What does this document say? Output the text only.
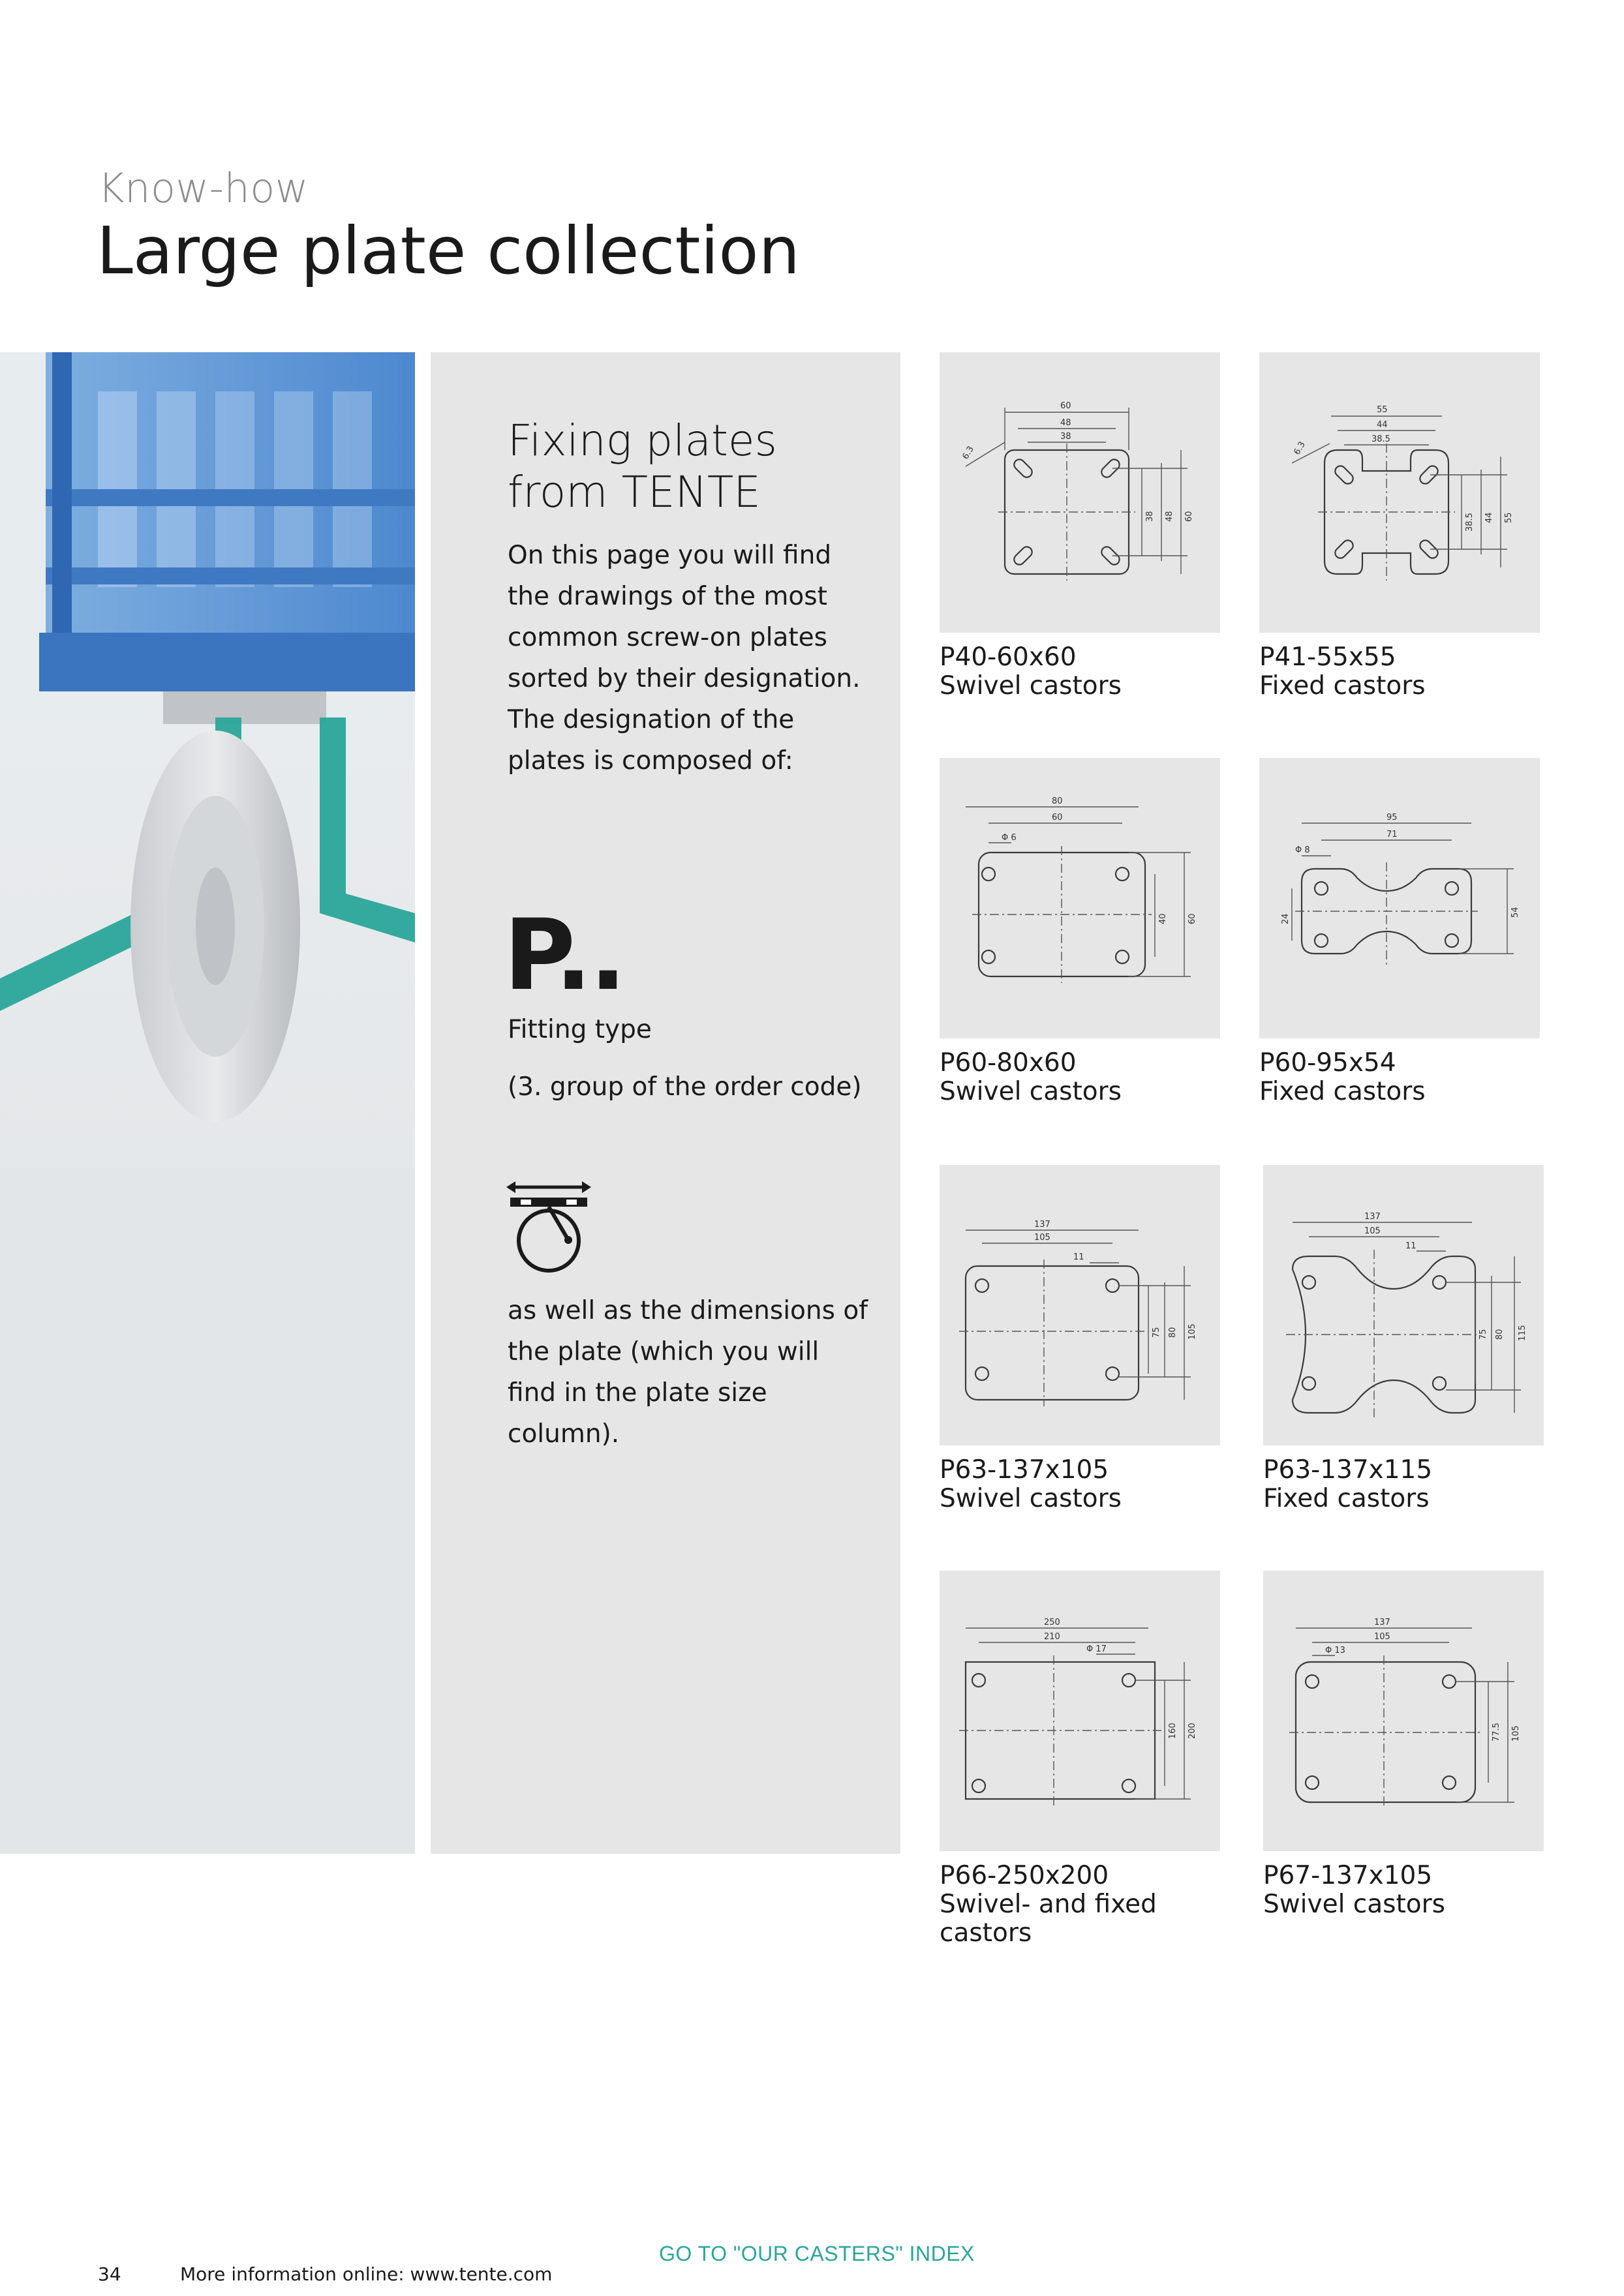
Know-how
Large plate collection
Fixing plates from TENTE
On this page you will find the drawings of the most common screw-on plates sorted by their designation. The designation of the plates is composed of:
P..
Fitting type
(3. group of the order code)
as well as the dimensions of the plate (which you will find in the plate size column).
60
48
38
6.3
38 48 60
P40-60x60
Swivel castors
55
44
38.5
6.3
38.5 44 55
P41-55x55
Fixed castors
80
60
Φ 6
40 60
P60-80x60
Swivel castors
95
71
Φ 8
24
54
P60-95x54
Fixed castors
137
105
11
75 80 105
P63-137x105
Swivel castors
137
105
11
75 80 115
P63-137x115
Fixed castors
250
210
Φ 17
160 200
P66-250x200
Swivel- and fixed castors
137
105
Φ 13
77.5 105
P67-137x105
Swivel castors
GO TO "OUR CASTERS" INDEX
34	More information online: www.tente.com
